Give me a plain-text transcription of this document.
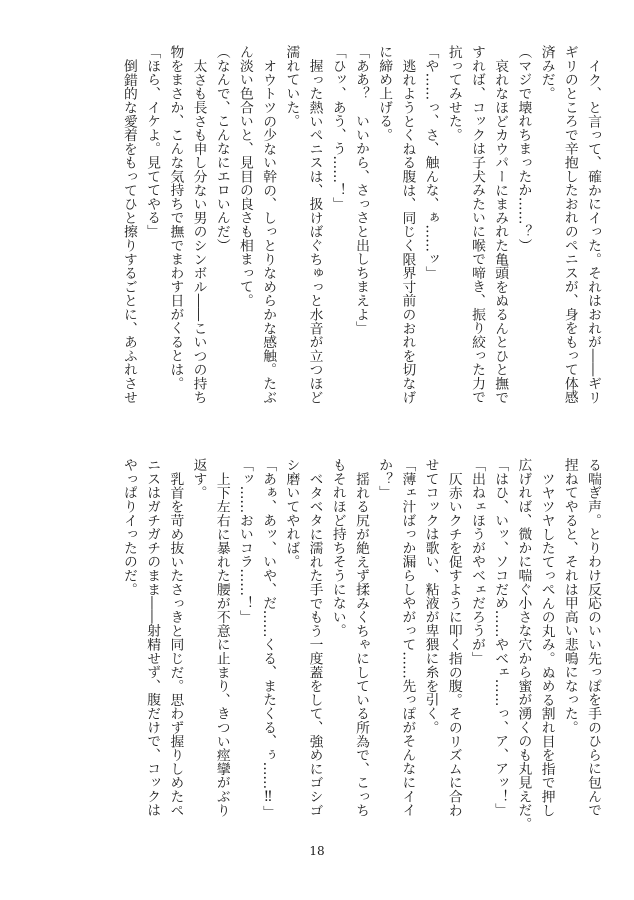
イク、と言って、確かにイった。それはおれが――ギリ
ギリのところで辛抱したおれのペニスが、身をもって体感
済みだ。
（マジで壊れちまったか……？）
哀れなほどカウパーにまみれた亀頭をぬるんとひと撫で
すれば、コックは子犬みたいに喉で啼き、振り絞った力で
抗ってみせた。
「や……っ、さ、触んな、ぁ……ッ」
逃れようとくねる腹は、同じく限界寸前のおれを切なげ
に締め上げる。
「ああ？　いいから、さっさと出しちまえよ」
「ひッ、あう、う……！」
握った熱いペニスは、扱けばぐちゅっと水音が立つほど
濡れていた。
オウトツの少ない幹の、しっとりなめらかな感触。たぶ
ん淡い色合いと、見目の良さも相まって。
（なんで、こんなにエロいんだ）
太さも長さも申し分ない男のシンボル――こいつの持ち
物をまさか、こんな気持ちで撫でまわす日がくるとは。
「ほら、イケよ。見ててやる」
倒錯的な愛着をもってひと擦りするごとに、あふれさせ
る喘ぎ声。とりわけ反応のいい先っぽを手のひらに包んで
捏ねてやると、それは甲高い悲鳴になった。
ツヤツヤしたてっぺんの丸み。ぬめる割れ目を指で押し
広げれば、微かに喘ぐ小さな穴から蜜が湧くのも丸見えだ。
「はひ、いッ、ソコだめ……やべェ……っ、ア、アッ！」
「出ねェほうがやべェだろうが」
仄赤いクチを促すように叩く指の腹。そのリズムに合わ
せてコックは歌い、粘液が卑猥に糸を引く。
「薄ェ汁ばっか漏らしやがって……先っぽがそんなにイイ
か？」
揺れる尻が絶えず揉みくちゃにしている所為で、こっち
もそれほど持ちそうにない。
ベタベタに濡れた手でもう一度蓋をして、強めにゴシゴ
シ磨いてやれば。
「あぁ、あッ、いや、だ……くる、またくる、ぅ……‼」
「ッ……おいコラ……！」
上下左右に暴れた腰が不意に止まり、きつい痙攣がぶり
返す。
乳首を苛め抜いたさっきと同じだ。思わず握りしめたペ
ニスはガチガチのまま――射精せず、腹だけで、コックは
やっぱりイったのだ。
18
